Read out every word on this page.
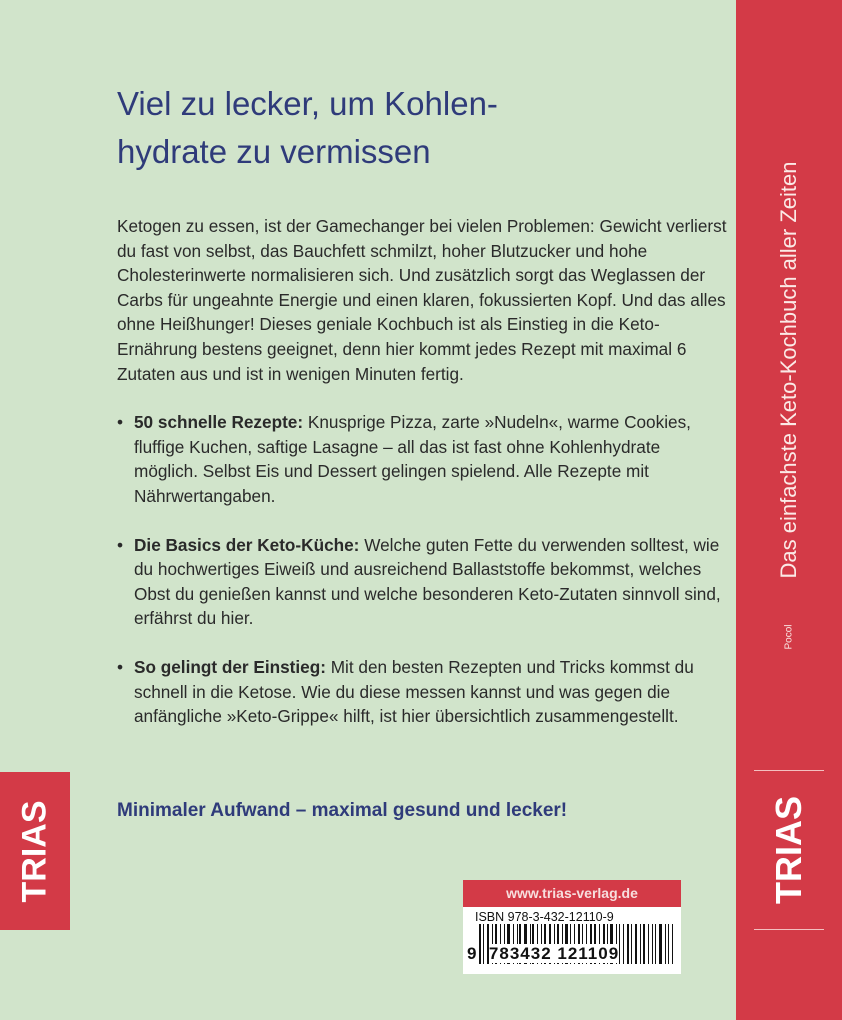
Viel zu lecker, um Kohlen-
hydrate zu vermissen

Ketogen zu essen, ist der Gamechanger bei vielen Problemen: Gewicht verlierst du fast von selbst, das Bauchfett schmilzt, hoher Blutzucker und hohe Cholesterinwerte normalisieren sich. Und zusätzlich sorgt das Weglassen der Carbs für ungeahnte Energie und einen klaren, fokussierten Kopf. Und das alles ohne Heißhunger! Dieses geniale Kochbuch ist als Einstieg in die Keto-Ernährung bestens geeignet, denn hier kommt jedes Rezept mit maximal 6 Zutaten aus und ist in wenigen Minuten fertig.

• 50 schnelle Rezepte: Knusprige Pizza, zarte »Nudeln«, warme Cookies, fluffige Kuchen, saftige Lasagne – all das ist fast ohne Kohlenhydrate möglich. Selbst Eis und Dessert gelingen spielend. Alle Rezepte mit Nährwertangaben.
• Die Basics der Keto-Küche: Welche guten Fette du verwenden solltest, wie du hochwertiges Eiweiß und ausreichend Ballaststoffe bekommst, welches Obst du genießen kannst und welche besonderen Keto-Zutaten sinnvoll sind, erfährst du hier.
• So gelingt der Einstieg: Mit den besten Rezepten und Tricks kommst du schnell in die Ketose. Wie du diese messen kannst und was gegen die anfängliche »Keto-Grippe« hilft, ist hier übersichtlich zusammengestellt.
Minimaler Aufwand – maximal gesund und lecker!
TRIAS	www.trias-verlag.de
ISBN 978-3-432-12110-9
9 783432 121109
Das einfachste Keto-Kochbuch aller Zeiten
Pocol
TRIAS
